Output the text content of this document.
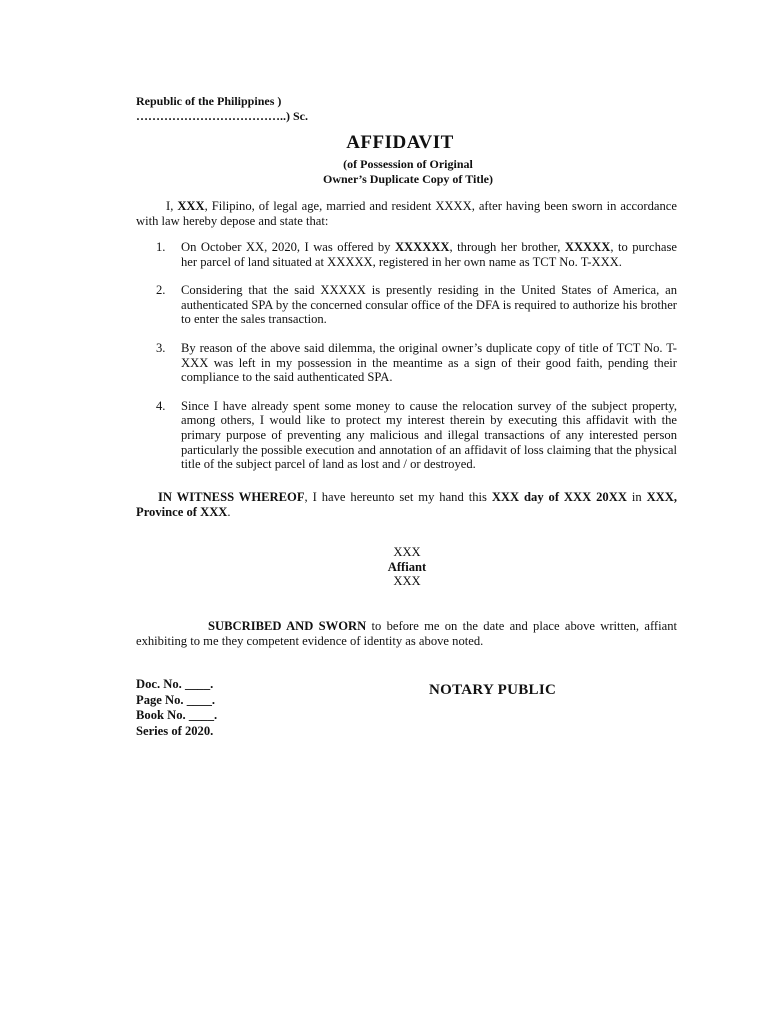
Republic of the Philippines )
………………………………..) Sc.
AFFIDAVIT
(of Possession of Original
Owner’s Duplicate Copy of Title)
I, XXX, Filipino, of legal age, married and resident XXXX, after having been sworn in accordance with law hereby depose and state that:
1. On October XX, 2020, I was offered by XXXXXX, through her brother, XXXXX, to purchase her parcel of land situated at XXXXX, registered in her own name as TCT No. T-XXX.
2. Considering that the said XXXXX is presently residing in the United States of America, an authenticated SPA by the concerned consular office of the DFA is required to authorize his brother to enter the sales transaction.
3. By reason of the above said dilemma, the original owner’s duplicate copy of title of TCT No. T-XXX was left in my possession in the meantime as a sign of their good faith, pending their compliance to the said authenticated SPA.
4. Since I have already spent some money to cause the relocation survey of the subject property, among others, I would like to protect my interest therein by executing this affidavit with the primary purpose of preventing any malicious and illegal transactions of any interested person particularly the possible execution and annotation of an affidavit of loss claiming that the physical title of the subject parcel of land as lost and / or destroyed.
IN WITNESS WHEREOF, I have hereunto set my hand this XXX day of XXX 20XX in XXX, Province of XXX.
XXX
Affiant
XXX
SUBCRIBED AND SWORN to before me on the date and place above written, affiant exhibiting to me they competent evidence of identity as above noted.
Doc. No. ____.
Page No. ____.
Book No. ____.
Series of 2020.
NOTARY PUBLIC
